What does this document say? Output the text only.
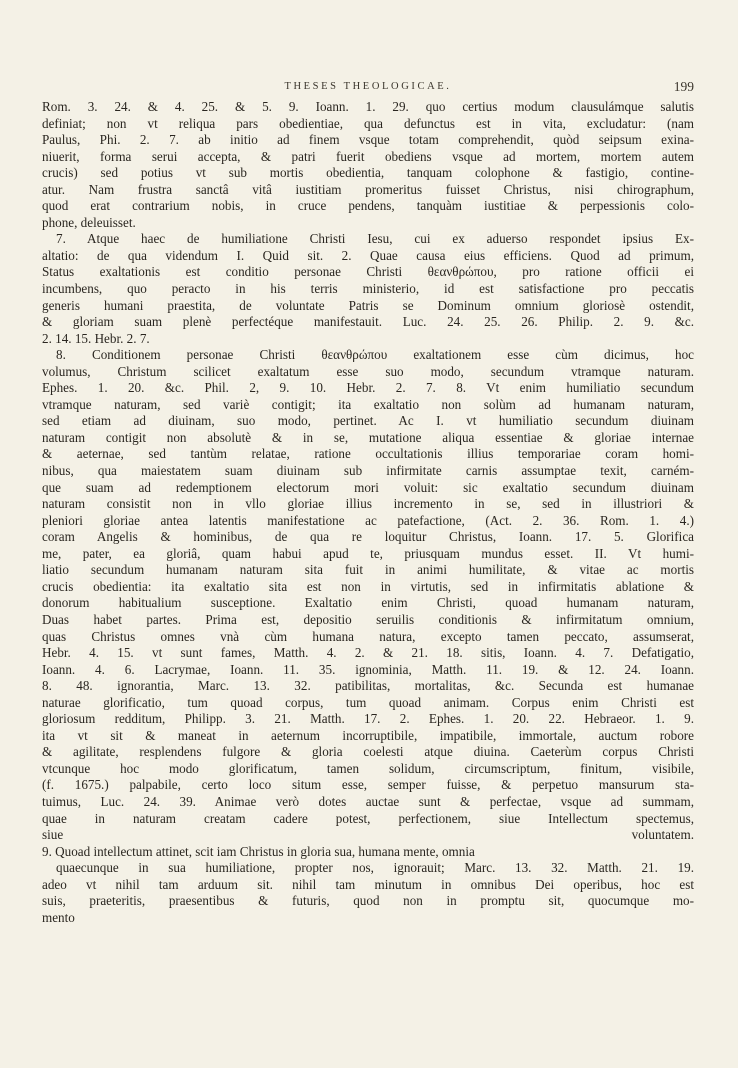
THESES THEOLOGICAE.	199
Rom. 3. 24. & 4. 25. & 5. 9. Ioann. 1. 29. quo certius modum clausulámque salutis
definiat; non vt reliqua pars obedientiae, qua defunctus est in vita, excludatur: (nam
Paulus, Phi. 2. 7. ab initio ad finem vsque totam comprehendit, quòd seipsum exina-
niuerit, forma serui accepta, & patri fuerit obediens vsque ad mortem, mortem autem
crucis) sed potius vt sub mortis obedientia, tanquam colophone & fastigio, contine-
atur. Nam frustra sanctâ vitâ iustitiam promeritus fuisset Christus, nisi chirographum,
quod erat contrarium nobis, in cruce pendens, tanquàm iustitiae & perpessionis colo-
phone, deleuisset.
7. Atque haec de humiliatione Christi Iesu, cui ex aduerso respondet ipsius Ex-
altatio: de qua videndum I. Quid sit. 2. Quae causa eius efficiens. Quod ad primum,
Status exaltationis est conditio personae Christi θεανθρώπου, pro ratione officii ei
incumbens, quo peracto in his terris ministerio, id est satisfactione pro peccatis
generis humani praestita, de voluntate Patris se Dominum omnium gloriosè ostendit,
& gloriam suam plenè perfectéque manifestauit. Luc. 24. 25. 26. Philip. 2. 9. &c.
2. 14. 15. Hebr. 2. 7.
8. Conditionem personae Christi θεανθρώπου exaltationem esse cùm dicimus, hoc
volumus, Christum scilicet exaltatum esse suo modo, secundum vtramque naturam.
Ephes. 1. 20. &c. Phil. 2, 9. 10. Hebr. 2. 7. 8. Vt enim humiliatio secundum
vtramque naturam, sed variè contigit; ita exaltatio non solùm ad humanam naturam,
sed etiam ad diuinam, suo modo, pertinet. Ac I. vt humiliatio secundum diuinam
naturam contigit non absolutè & in se, mutatione aliqua essentiae & gloriae internae
& aeternae, sed tantùm relatae, ratione occultationis illius temporariae coram homi-
nibus, qua maiestatem suam diuinam sub infirmitate carnis assumptae texit, carném-
que suam ad redemptionem electorum mori voluit: sic exaltatio secundum diuinam
naturam consistit non in vllo gloriae illius incremento in se, sed in illustriori &
pleniori gloriae antea latentis manifestatione ac patefactione, (Act. 2. 36. Rom. 1. 4.)
coram Angelis & hominibus, de qua re loquitur Christus, Ioann. 17. 5. Glorifica
me, pater, ea gloriâ, quam habui apud te, priusquam mundus esset. II. Vt humi-
liatio secundum humanam naturam sita fuit in animi humilitate, & vitae ac mortis
crucis obedientia: ita exaltatio sita est non in virtutis, sed in infirmitatis ablatione &
donorum habitualium susceptione. Exaltatio enim Christi, quoad humanam naturam,
Duas habet partes. Prima est, depositio seruilis conditionis & infirmitatum omnium,
quas Christus omnes vnà cùm humana natura, excepto tamen peccato, assumserat,
Hebr. 4. 15. vt sunt fames, Matth. 4. 2. & 21. 18. sitis, Ioann. 4. 7. Defatigatio,
Ioann. 4. 6. Lacrymae, Ioann. 11. 35. ignominia, Matth. 11. 19. & 12. 24. Ioann.
8. 48. ignorantia, Marc. 13. 32. patibilitas, mortalitas, &c. Secunda est humanae
naturae glorificatio, tum quoad corpus, tum quoad animam. Corpus enim Christi est
gloriosum redditum, Philipp. 3. 21. Matth. 17. 2. Ephes. 1. 20. 22. Hebraeor. 1. 9.
ita vt sit & maneat in aeternum incorruptibile, impatibile, immortale, auctum robore
& agilitate, resplendens fulgore & gloria coelesti atque diuina. Caeterùm corpus Christi
vtcunque hoc modo glorificatum, tamen solidum, circumscriptum, finitum, visibile,
(f. 1675.) palpabile, certo loco situm esse, semper fuisse, & perpetuo mansurum sta-
tuimus, Luc. 24. 39. Animae verò dotes auctae sunt & perfectae, vsque ad summam,
quae in naturam creatam cadere potest, perfectionem, siue Intellectum spectemus,
siue voluntatem.
9. Quoad intellectum attinet, scit iam Christus in gloria sua, humana mente, omnia
quaecunque in sua humiliatione, propter nos, ignorauit; Marc. 13. 32. Matth. 21. 19.
adeo vt nihil tam arduum sit. nihil tam minutum in omnibus Dei operibus, hoc est
suis, praeteritis, praesentibus & futuris, quod non in promptu sit, quocumque mo-
mento
